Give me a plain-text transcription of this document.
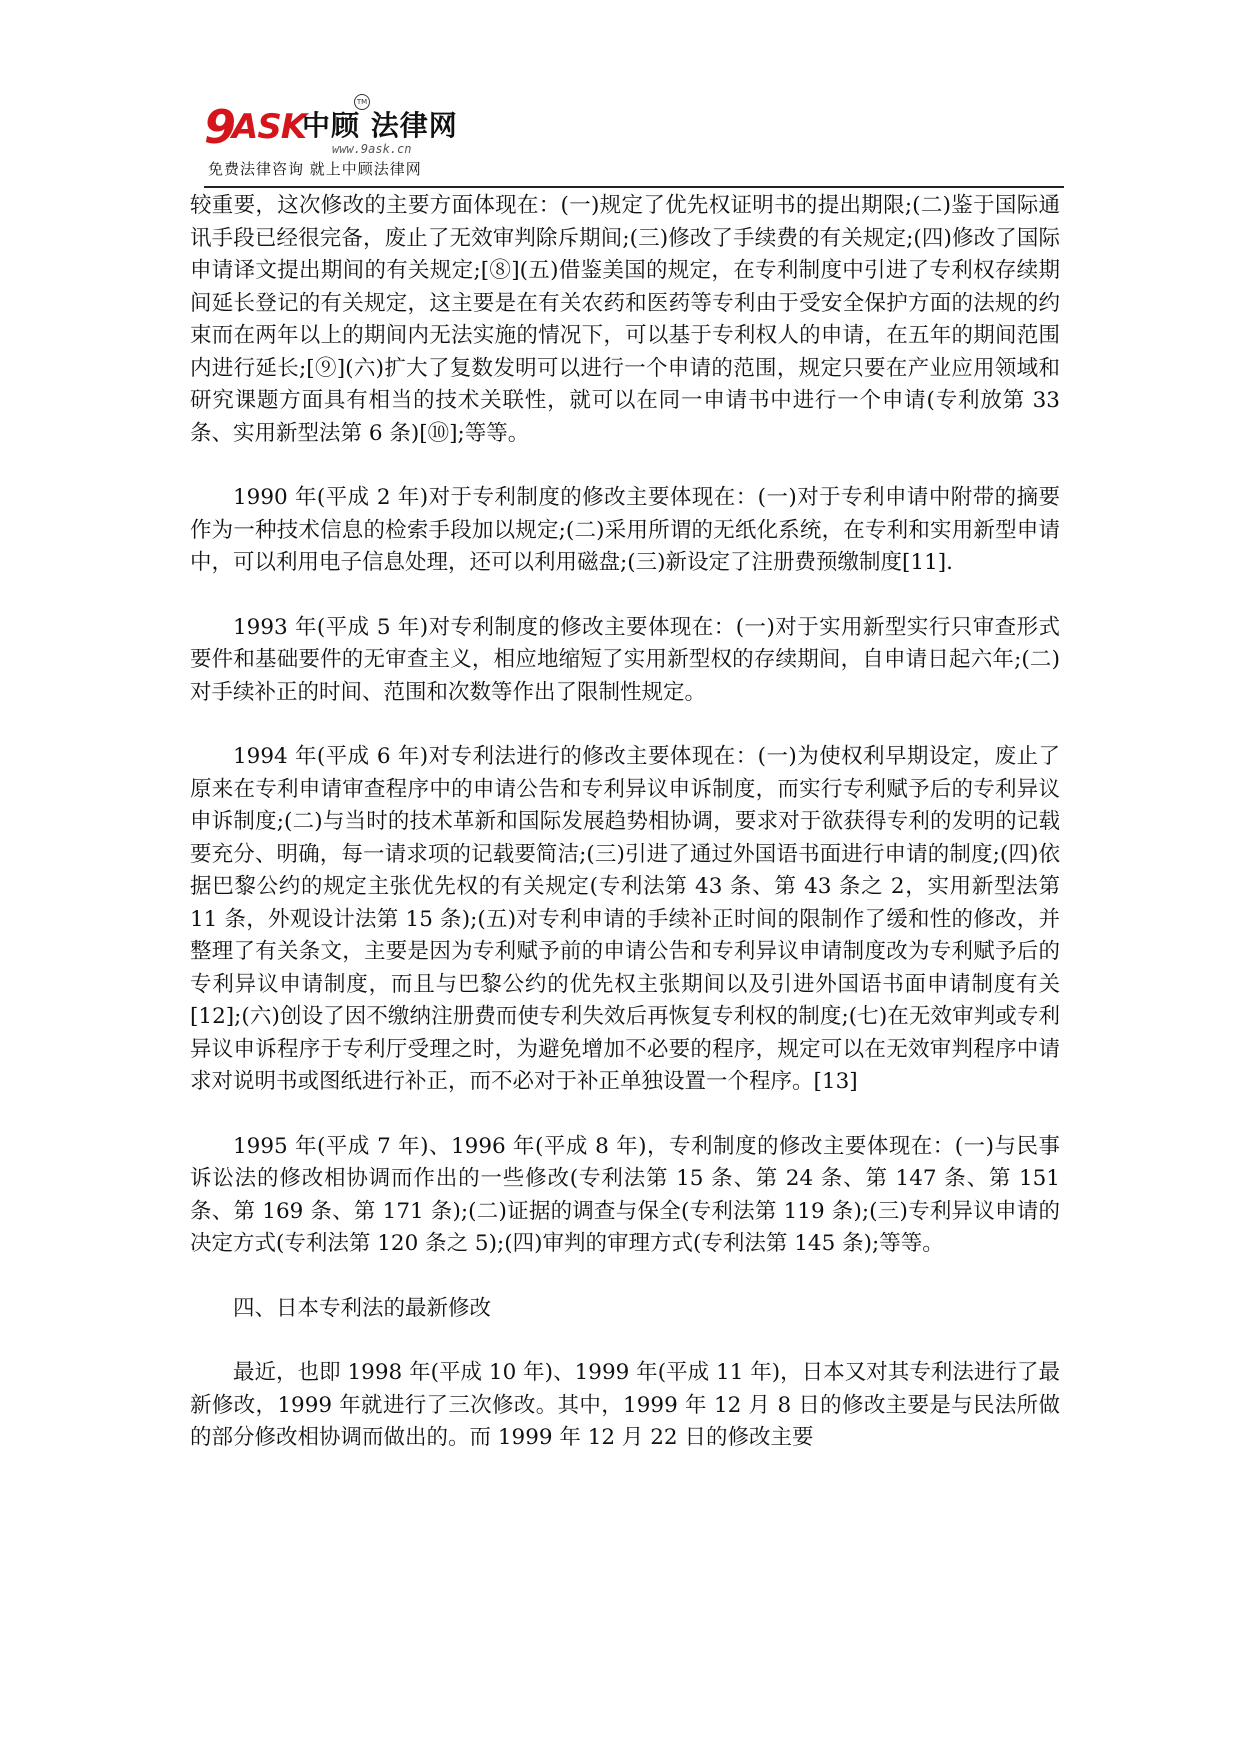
9
ASK
中顾 法律网
TM
www.9ask.cn
免费法律咨询 就上中顾法律网

较重要，这次修改的主要方面体现在：(一)规定了优先权证明书的提出期限;(二)鉴于国际通讯手段已经很完备，废止了无效审判除斥期间;(三)修改了手续费的有关规定;(四)修改了国际申请译文提出期间的有关规定;[⑧](五)借鉴美国的规定，在专利制度中引进了专利权存续期间延长登记的有关规定，这主要是在有关农药和医药等专利由于受安全保护方面的法规的约束而在两年以上的期间内无法实施的情况下，可以基于专利权人的申请，在五年的期间范围内进行延长;[⑨](六)扩大了复数发明可以进行一个申请的范围，规定只要在产业应用领域和研究课题方面具有相当的技术关联性，就可以在同一申请书中进行一个申请(专利放第 33 条、实用新型法第 6 条)[⑩];等等。

1990 年(平成 2 年)对于专利制度的修改主要体现在：(一)对于专利申请中附带的摘要作为一种技术信息的检索手段加以规定;(二)采用所谓的无纸化系统，在专利和实用新型申请中，可以利用电子信息处理，还可以利用磁盘;(三)新设定了注册费预缴制度[11].

1993 年(平成 5 年)对专利制度的修改主要体现在：(一)对于实用新型实行只审查形式要件和基础要件的无审查主义，相应地缩短了实用新型权的存续期间，自申请日起六年;(二)对手续补正的时间、范围和次数等作出了限制性规定。

1994 年(平成 6 年)对专利法进行的修改主要体现在：(一)为使权利早期设定，废止了原来在专利申请审查程序中的申请公告和专利异议申诉制度，而实行专利赋予后的专利异议申诉制度;(二)与当时的技术革新和国际发展趋势相协调，要求对于欲获得专利的发明的记载要充分、明确，每一请求项的记载要简洁;(三)引进了通过外国语书面进行申请的制度;(四)依据巴黎公约的规定主张优先权的有关规定(专利法第 43 条、第 43 条之 2，实用新型法第 11 条，外观设计法第 15 条);(五)对专利申请的手续补正时间的限制作了缓和性的修改，并整理了有关条文，主要是因为专利赋予前的申请公告和专利异议申请制度改为专利赋予后的专利异议申请制度，而且与巴黎公约的优先权主张期间以及引进外国语书面申请制度有关[12];(六)创设了因不缴纳注册费而使专利失效后再恢复专利权的制度;(七)在无效审判或专利异议申诉程序于专利厅受理之时，为避免增加不必要的程序，规定可以在无效审判程序中请求对说明书或图纸进行补正，而不必对于补正单独设置一个程序。[13]

1995 年(平成 7 年)、1996 年(平成 8 年)，专利制度的修改主要体现在：(一)与民事诉讼法的修改相协调而作出的一些修改(专利法第 15 条、第 24 条、第 147 条、第 151 条、第 169 条、第 171 条);(二)证据的调查与保全(专利法第 119 条);(三)专利异议申请的决定方式(专利法第 120 条之 5);(四)审判的审理方式(专利法第 145 条);等等。

四、日本专利法的最新修改

最近，也即 1998 年(平成 10 年)、1999 年(平成 11 年)，日本又对其专利法进行了最新修改，1999 年就进行了三次修改。其中，1999 年 12 月 8 日的修改主要是与民法所做的部分修改相协调而做出的。而 1999 年 12 月 22 日的修改主要
